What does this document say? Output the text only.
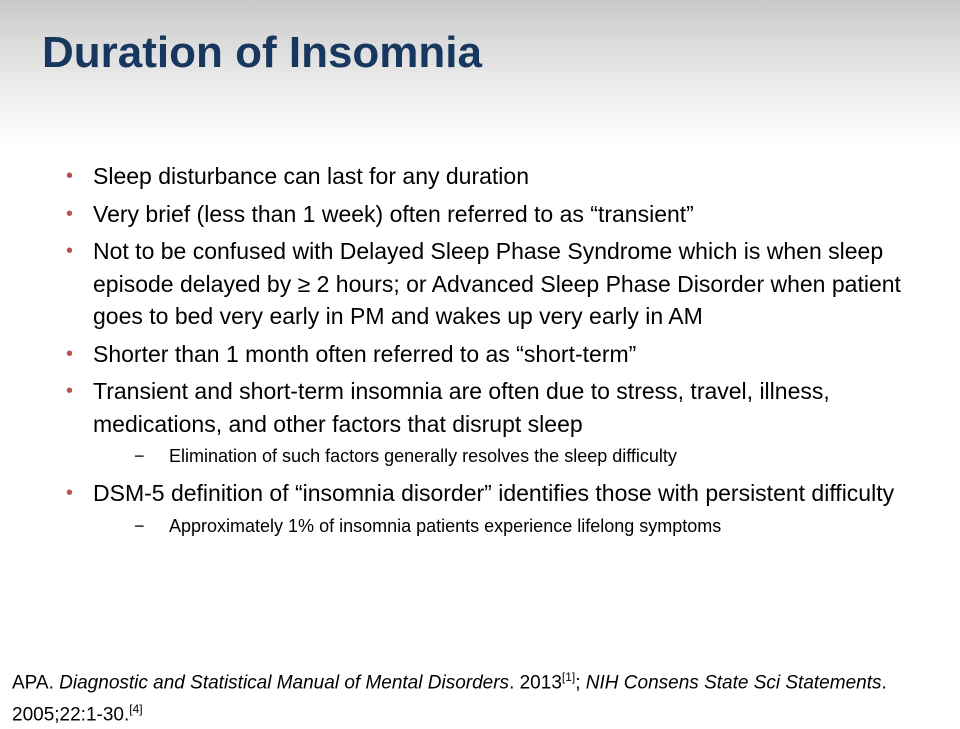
Duration of Insomnia
• Sleep disturbance can last for any duration
• Very brief (less than 1 week) often referred to as “transient”
• Not to be confused with Delayed Sleep Phase Syndrome which is when sleep episode delayed by ≥ 2 hours; or Advanced Sleep Phase Disorder when patient goes to bed very early in PM and wakes up very early in AM
• Shorter than 1 month often referred to as “short-term”
• Transient and short-term insomnia are often due to stress, travel, illness, medications, and other factors that disrupt sleep
− Elimination of such factors generally resolves the sleep difficulty
• DSM-5 definition of “insomnia disorder” identifies those with persistent difficulty
− Approximately 1% of insomnia patients experience lifelong symptoms
APA. Diagnostic and Statistical Manual of Mental Disorders. 2013[1]; NIH Consens State Sci Statements. 2005;22:1-30.[4]
